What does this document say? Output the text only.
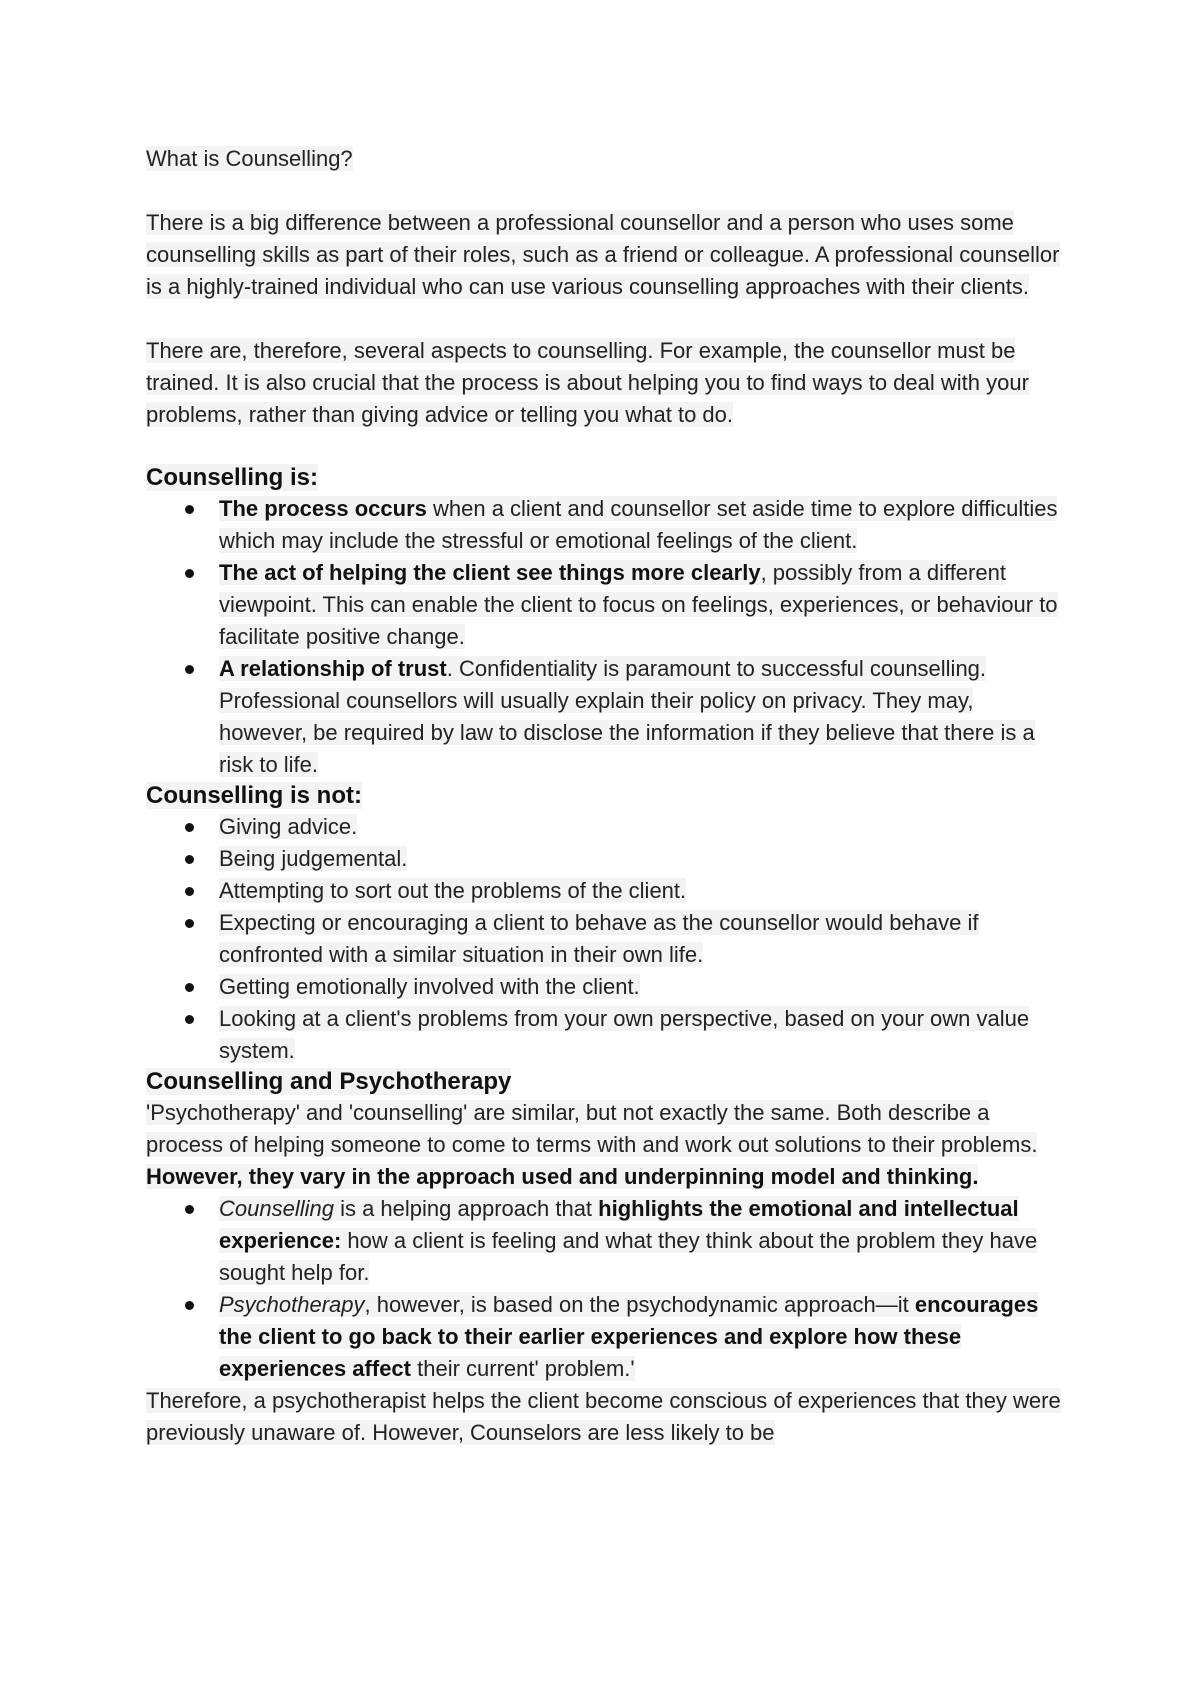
What is Counselling?

There is a big difference between a professional counsellor and a person who uses some counselling skills as part of their roles, such as a friend or colleague. A professional counsellor is a highly-trained individual who can use various counselling approaches with their clients.

There are, therefore, several aspects to counselling. For example, the counsellor must be trained. It is also crucial that the process is about helping you to find ways to deal with your problems, rather than giving advice or telling you what to do.

Counselling is:

The process occurs when a client and counsellor set aside time to explore difficulties which may include the stressful or emotional feelings of the client.
The act of helping the client see things more clearly, possibly from a different viewpoint. This can enable the client to focus on feelings, experiences, or behaviour to facilitate positive change.
A relationship of trust. Confidentiality is paramount to successful counselling. Professional counsellors will usually explain their policy on privacy. They may, however, be required by law to disclose the information if they believe that there is a risk to life.

Counselling is not:

Giving advice.
Being judgemental.
Attempting to sort out the problems of the client.
Expecting or encouraging a client to behave as the counsellor would behave if confronted with a similar situation in their own life.
Getting emotionally involved with the client.
Looking at a client's problems from your own perspective, based on your own value system.

Counselling and Psychotherapy

'Psychotherapy' and 'counselling' are similar, but not exactly the same. Both describe a process of helping someone to come to terms with and work out solutions to their problems.

However, they vary in the approach used and underpinning model and thinking.

Counselling is a helping approach that highlights the emotional and intellectual experience: how a client is feeling and what they think about the problem they have sought help for.
Psychotherapy, however, is based on the psychodynamic approach—it encourages the client to go back to their earlier experiences and explore how these experiences affect their current' problem.'

Therefore, a psychotherapist helps the client become conscious of experiences that they were previously unaware of. However, Counselors are less likely to be
